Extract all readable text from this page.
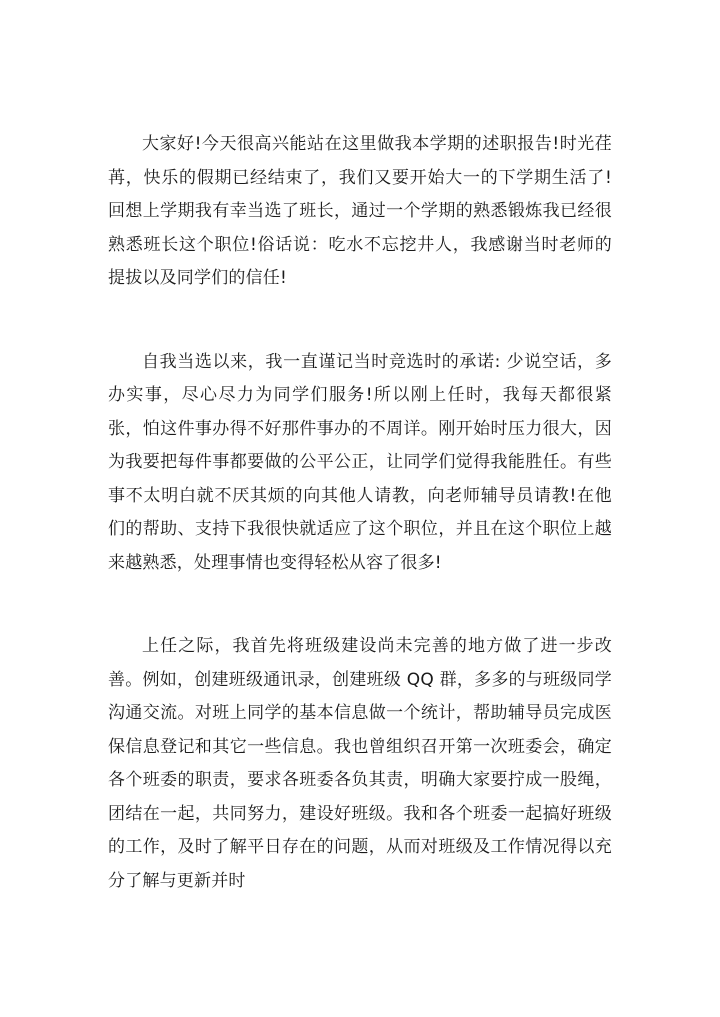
大家好!今天很高兴能站在这里做我本学期的述职报告!时光荏苒，快乐的假期已经结束了，我们又要开始大一的下学期生活了!回想上学期我有幸当选了班长，通过一个学期的熟悉锻炼我已经很熟悉班长这个职位!俗话说：吃水不忘挖井人，我感谢当时老师的提拔以及同学们的信任!

自我当选以来，我一直谨记当时竞选时的承诺: 少说空话，多办实事，尽心尽力为同学们服务!所以刚上任时，我每天都很紧张，怕这件事办得不好那件事办的不周详。刚开始时压力很大，因为我要把每件事都要做的公平公正，让同学们觉得我能胜任。有些事不太明白就不厌其烦的向其他人请教，向老师辅导员请教!在他们的帮助、支持下我很快就适应了这个职位，并且在这个职位上越来越熟悉，处理事情也变得轻松从容了很多!

上任之际，我首先将班级建设尚未完善的地方做了进一步改善。例如，创建班级通讯录，创建班级 QQ 群，多多的与班级同学沟通交流。对班上同学的基本信息做一个统计，帮助辅导员完成医保信息登记和其它一些信息。我也曾组织召开第一次班委会，确定各个班委的职责，要求各班委各负其责，明确大家要拧成一股绳，团结在一起，共同努力，建设好班级。我和各个班委一起搞好班级的工作，及时了解平日存在的问题，从而对班级及工作情况得以充分了解与更新并时
